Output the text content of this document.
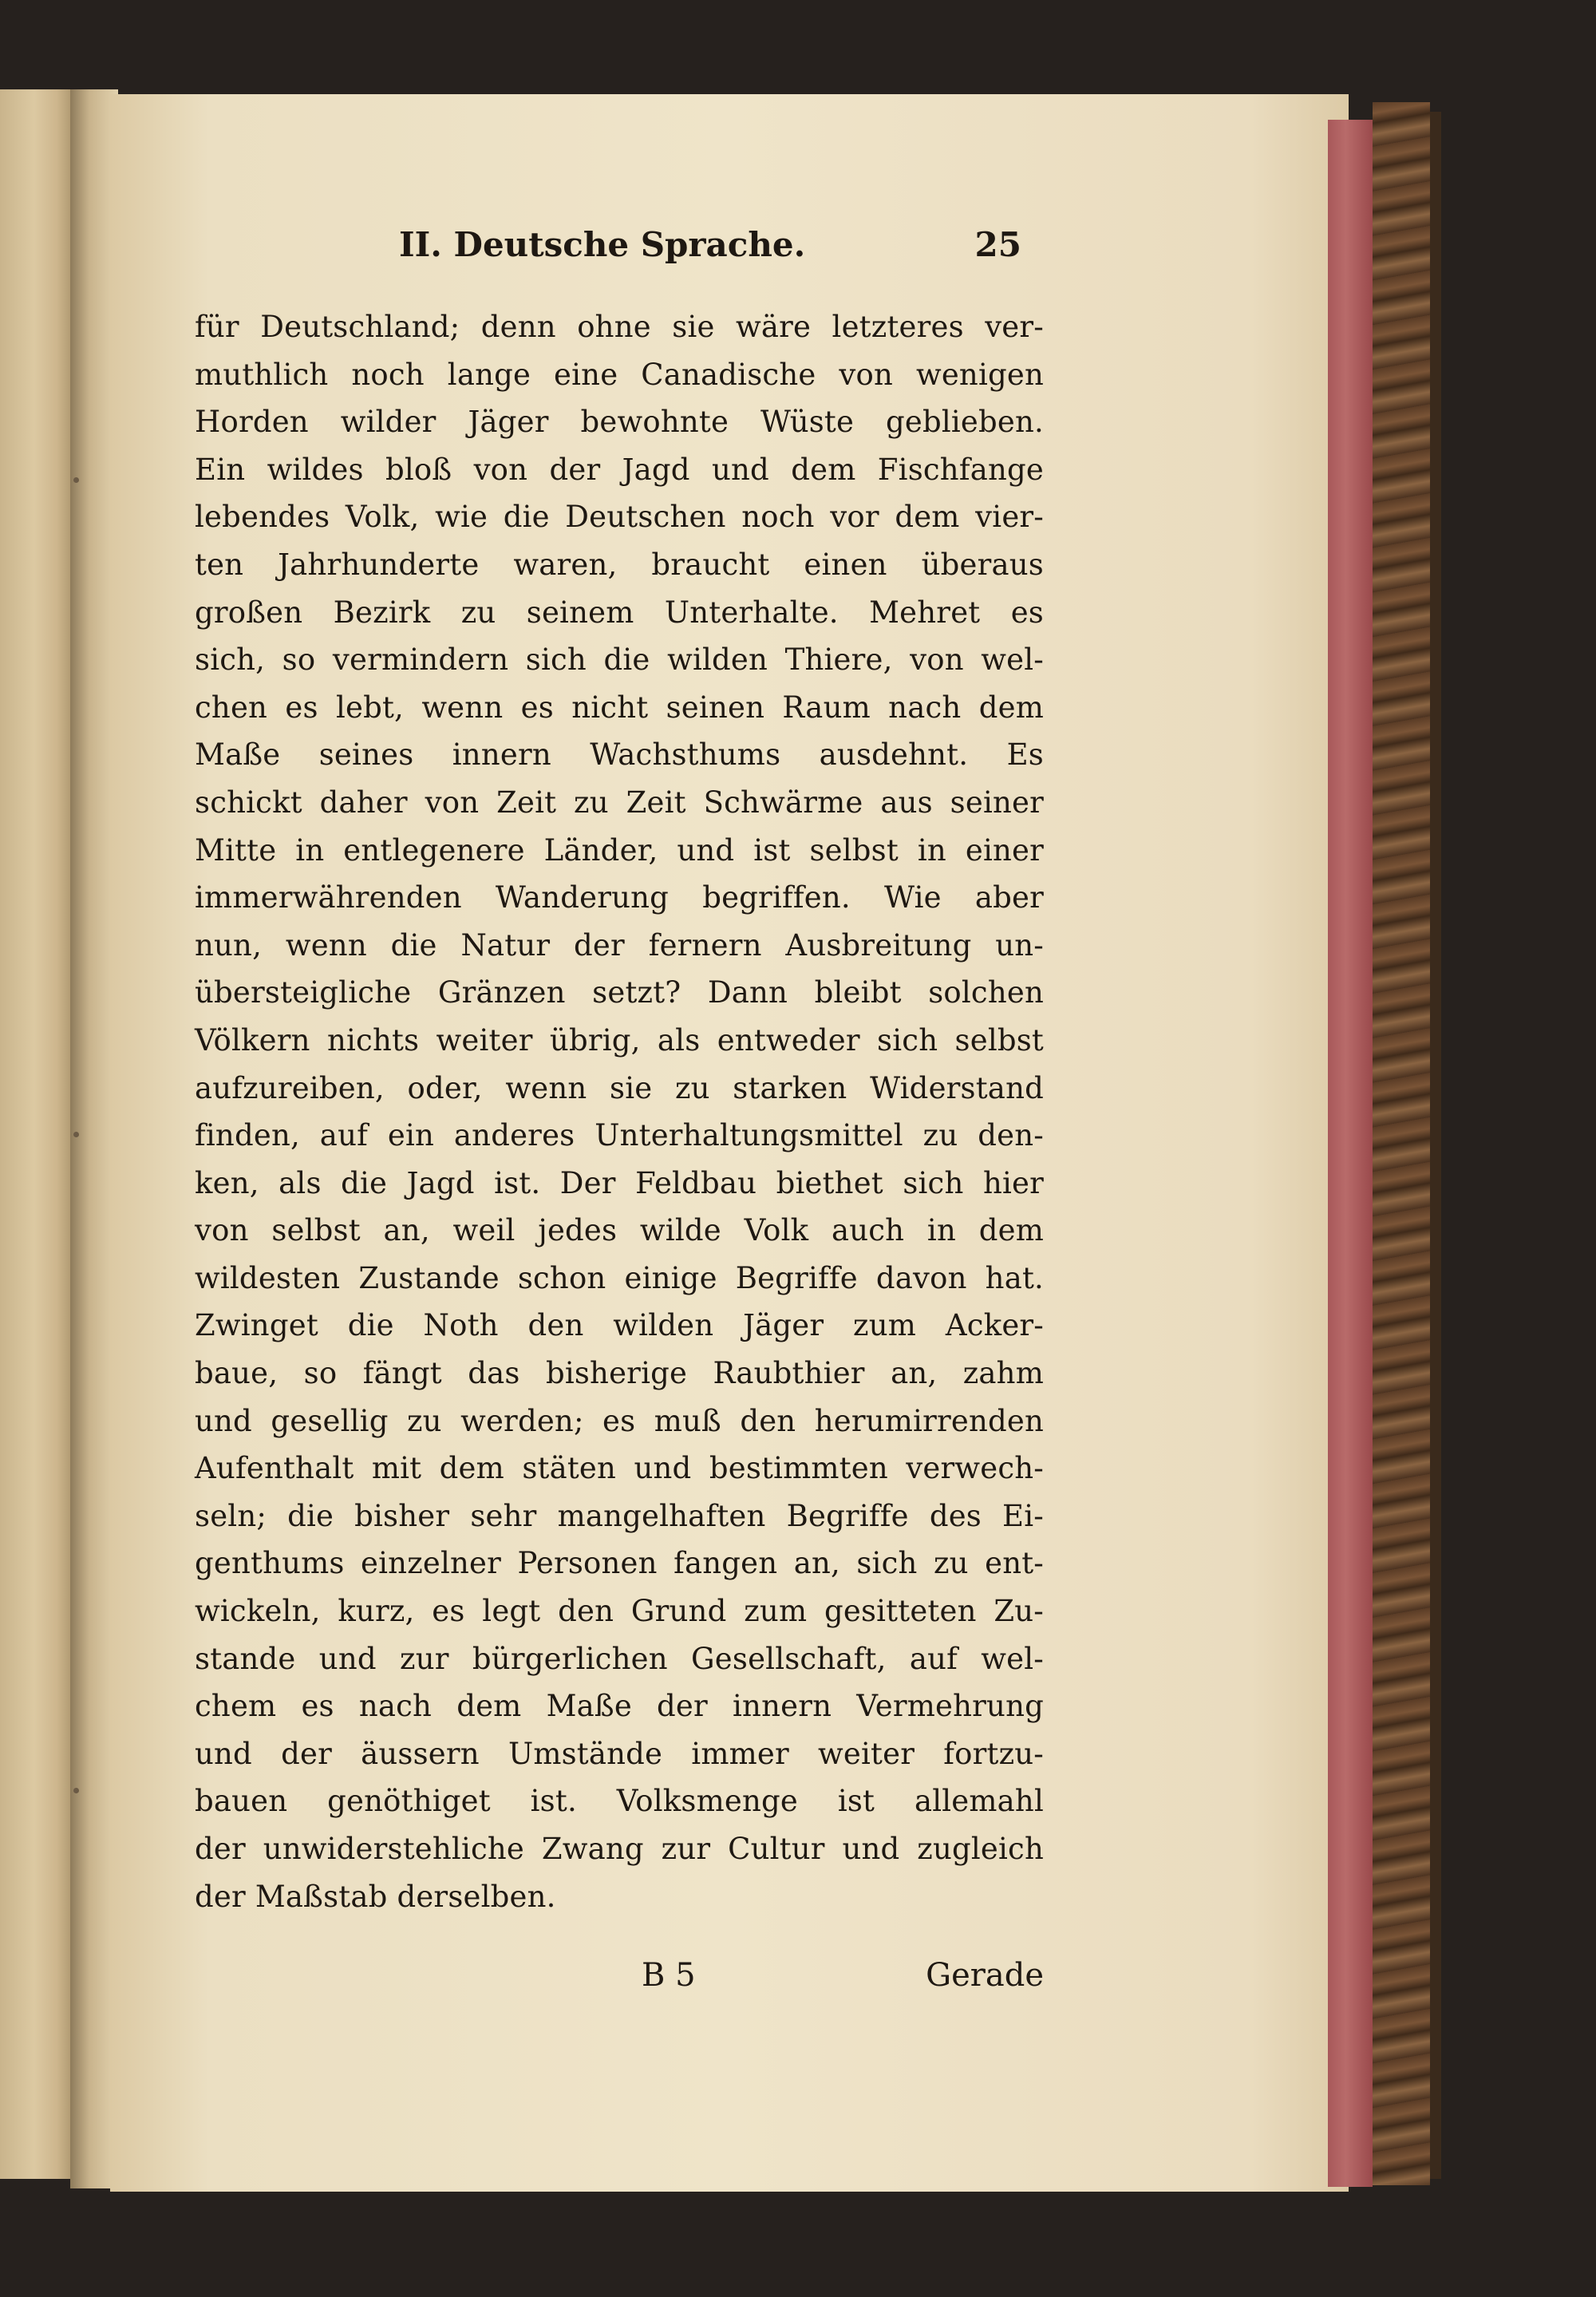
II. Deutsche Sprache.	25
für Deutschland; denn ohne sie wäre letzteres ver-
muthlich noch lange eine Canadische von wenigen
Horden wilder Jäger bewohnte Wüste geblieben.
Ein wildes bloß von der Jagd und dem Fischfange
lebendes Volk, wie die Deutschen noch vor dem vier-
ten Jahrhunderte waren, braucht einen überaus
großen Bezirk zu seinem Unterhalte. Mehret es
sich, so vermindern sich die wilden Thiere, von wel-
chen es lebt, wenn es nicht seinen Raum nach dem
Maße seines innern Wachsthums ausdehnt. Es
schickt daher von Zeit zu Zeit Schwärme aus seiner
Mitte in entlegenere Länder, und ist selbst in einer
immerwährenden Wanderung begriffen. Wie aber
nun, wenn die Natur der fernern Ausbreitung un-
übersteigliche Gränzen setzt? Dann bleibt solchen
Völkern nichts weiter übrig, als entweder sich selbst
aufzureiben, oder, wenn sie zu starken Widerstand
finden, auf ein anderes Unterhaltungsmittel zu den-
ken, als die Jagd ist. Der Feldbau biethet sich hier
von selbst an, weil jedes wilde Volk auch in dem
wildesten Zustande schon einige Begriffe davon hat.
Zwinget die Noth den wilden Jäger zum Acker-
baue, so fängt das bisherige Raubthier an, zahm
und gesellig zu werden; es muß den herumirrenden
Aufenthalt mit dem stäten und bestimmten verwech-
seln; die bisher sehr mangelhaften Begriffe des Ei-
genthums einzelner Personen fangen an, sich zu ent-
wickeln, kurz, es legt den Grund zum gesitteten Zu-
stande und zur bürgerlichen Gesellschaft, auf wel-
chem es nach dem Maße der innern Vermehrung
und der äussern Umstände immer weiter fortzu-
bauen genöthiget ist. Volksmenge ist allemahl
der unwiderstehliche Zwang zur Cultur und zugleich
der Maßstab derselben.
B 5	Gerade
